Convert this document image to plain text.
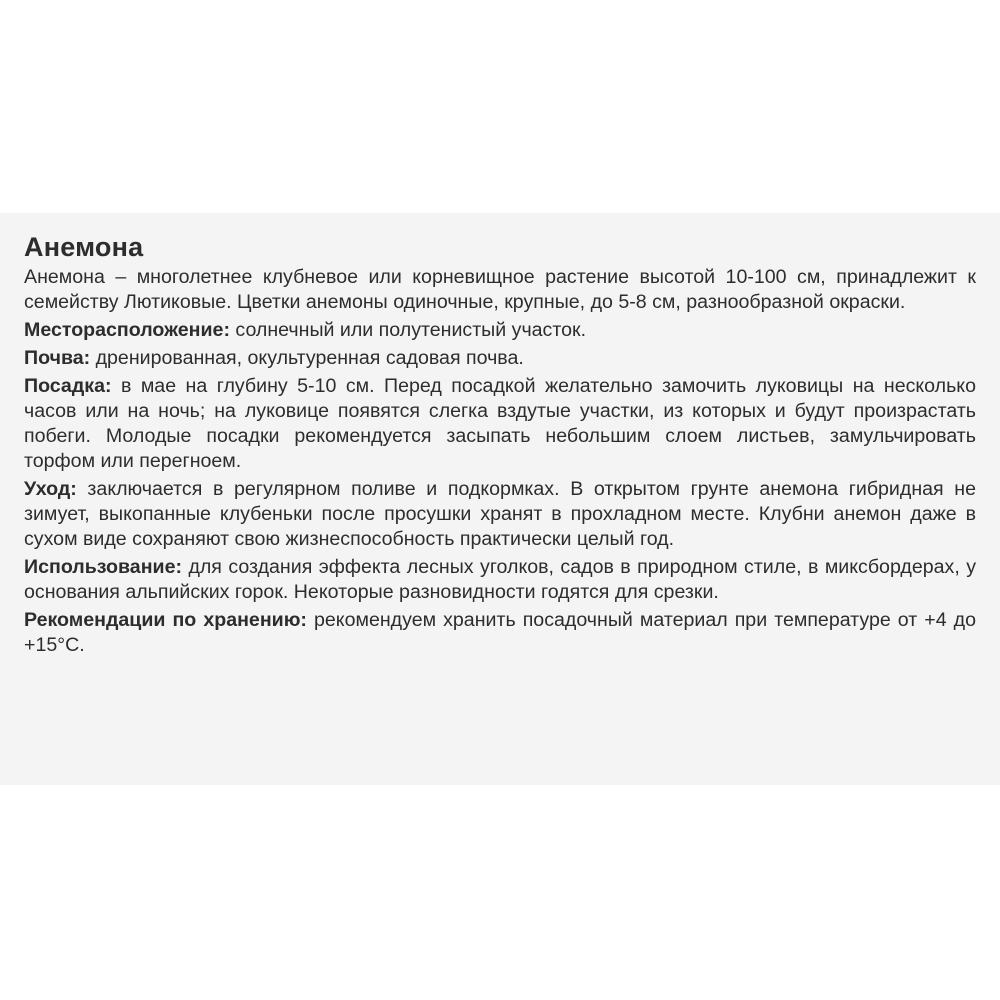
Анемона
Анемона – многолетнее клубневое или корневищное растение высотой 10-100 см, принадлежит к семейству Лютиковые. Цветки анемоны одиночные, крупные, до 5-8 см, разнообразной окраски.
Месторасположение: солнечный или полутенистый участок.
Почва: дренированная, окультуренная садовая почва.
Посадка: в мае на глубину 5-10 см. Перед посадкой желательно замочить луковицы на несколько часов или на ночь; на луковице появятся слегка вздутые участки, из которых и будут произрастать побеги. Молодые посадки рекомендуется засыпать небольшим слоем листьев, замульчировать торфом или перегноем.
Уход: заключается в регулярном поливе и подкормках. В открытом грунте анемона гибридная не зимует, выкопанные клубеньки после просушки хранят в прохладном месте. Клубни анемон даже в сухом виде сохраняют свою жизнеспособность практически целый год.
Использование: для создания эффекта лесных уголков, садов в природном стиле, в миксбордерах, у основания альпийских горок. Некоторые разновидности годятся для срезки.
Рекомендации по хранению: рекомендуем хранить посадочный материал при температуре от +4 до +15°С.
